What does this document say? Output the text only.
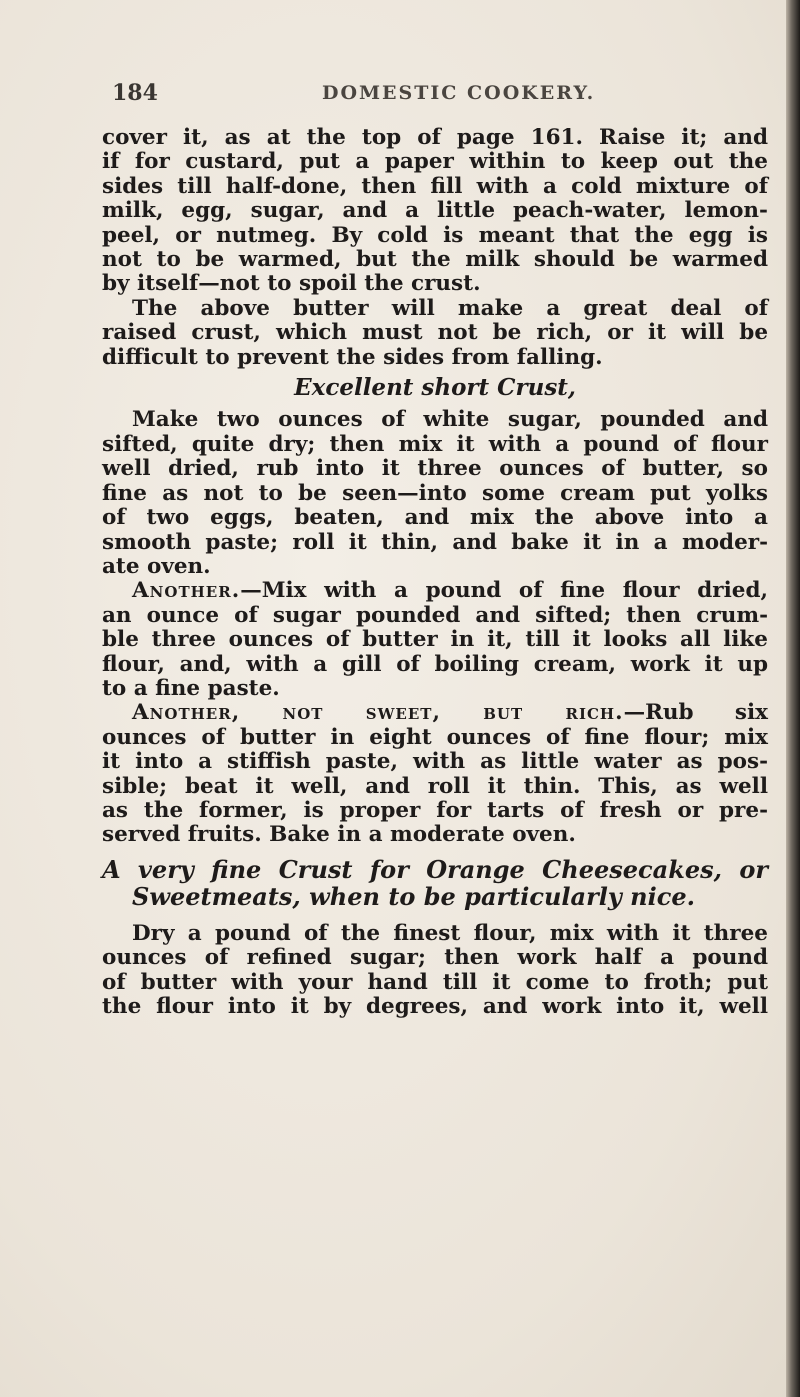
184	DOMESTIC COOKERY.

cover it, as at the top of page 161. Raise it; and

if for custard, put a paper within to keep out the

sides till half-done, then fill with a cold mixture of

milk, egg, sugar, and a little peach-water, lemon-

peel, or nutmeg. By cold is meant that the egg is

not to be warmed, but the milk should be warmed

by itself—not to spoil the crust.

The above butter will make a great deal of

raised crust, which must not be rich, or it will be

difficult to prevent the sides from falling.

Excellent short Crust,

Make two ounces of white sugar, pounded and

sifted, quite dry; then mix it with a pound of flour

well dried, rub into it three ounces of butter, so

fine as not to be seen—into some cream put yolks

of two eggs, beaten, and mix the above into a

smooth paste; roll it thin, and bake it in a moder-

ate oven.

Another.—Mix with a pound of fine flour dried,

an ounce of sugar pounded and sifted; then crum-

ble three ounces of butter in it, till it looks all like

flour, and, with a gill of boiling cream, work it up

to a fine paste.

Another, not sweet, but rich.—Rub six

ounces of butter in eight ounces of fine flour; mix

it into a stiffish paste, with as little water as pos-

sible; beat it well, and roll it thin. This, as well

as the former, is proper for tarts of fresh or pre-

served fruits. Bake in a moderate oven.

A very fine Crust for Orange Cheesecakes, or
Sweetmeats, when to be particularly nice.

Dry a pound of the finest flour, mix with it three

ounces of refined sugar; then work half a pound

of butter with your hand till it come to froth; put

the flour into it by degrees, and work into it, well
